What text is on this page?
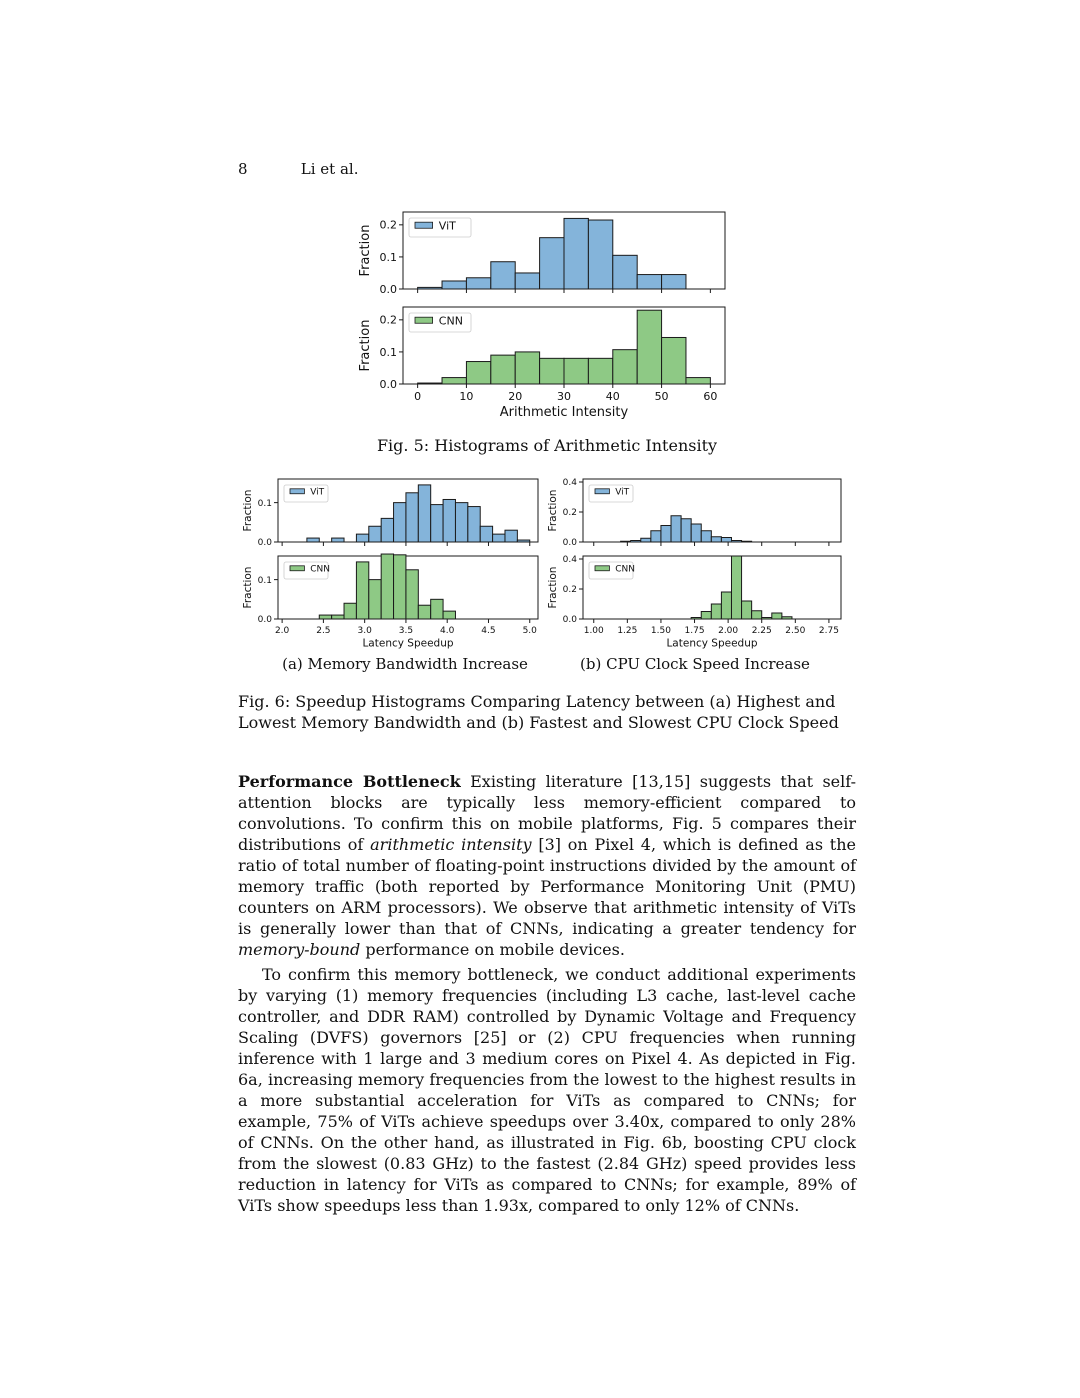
8	Li et al.
0.0
0.1
0.2
Fraction	ViT
0.0
0.1
0.2
Fraction	CNN
0	10	20	30	40	50	60
Arithmetic Intensity
Fig. 5: Histograms of Arithmetic Intensity
0.0
0.1
Fraction	ViT
0.0
0.1
Fraction	CNN
2.0	2.5	3.0	3.5	4.0	4.5	5.0
Latency Speedup
(a) Memory Bandwidth Increase
0.0
0.2
0.4
Fraction	ViT
0.0
0.2
0.4
Fraction	CNN
1.00 1.25 1.50 1.75 2.00 2.25 2.50 2.75
Latency Speedup
(b) CPU Clock Speed Increase
Fig. 6: Speedup Histograms Comparing Latency between (a) Highest and Lowest Memory Bandwidth and (b) Fastest and Slowest CPU Clock Speed

Performance Bottleneck Existing literature [13,15] suggests that self-attention blocks are typically less memory-efficient compared to convolutions. To confirm this on mobile platforms, Fig. 5 compares their distributions of arithmetic intensity [3] on Pixel 4, which is defined as the ratio of total number of floating-point instructions divided by the amount of memory traffic (both reported by Performance Monitoring Unit (PMU) counters on ARM processors). We observe that arithmetic intensity of ViTs is generally lower than that of CNNs, indicating a greater tendency for memory-bound performance on mobile devices.

To confirm this memory bottleneck, we conduct additional experiments by varying (1) memory frequencies (including L3 cache, last-level cache controller, and DDR RAM) controlled by Dynamic Voltage and Frequency Scaling (DVFS) governors [25] or (2) CPU frequencies when running inference with 1 large and 3 medium cores on Pixel 4. As depicted in Fig. 6a, increasing memory frequencies from the lowest to the highest results in a more substantial acceleration for ViTs as compared to CNNs; for example, 75% of ViTs achieve speedups over 3.40x, compared to only 28% of CNNs. On the other hand, as illustrated in Fig. 6b, boosting CPU clock from the slowest (0.83 GHz) to the fastest (2.84 GHz) speed provides less reduction in latency for ViTs as compared to CNNs; for example, 89% of ViTs show speedups less than 1.93x, compared to only 12% of CNNs.
